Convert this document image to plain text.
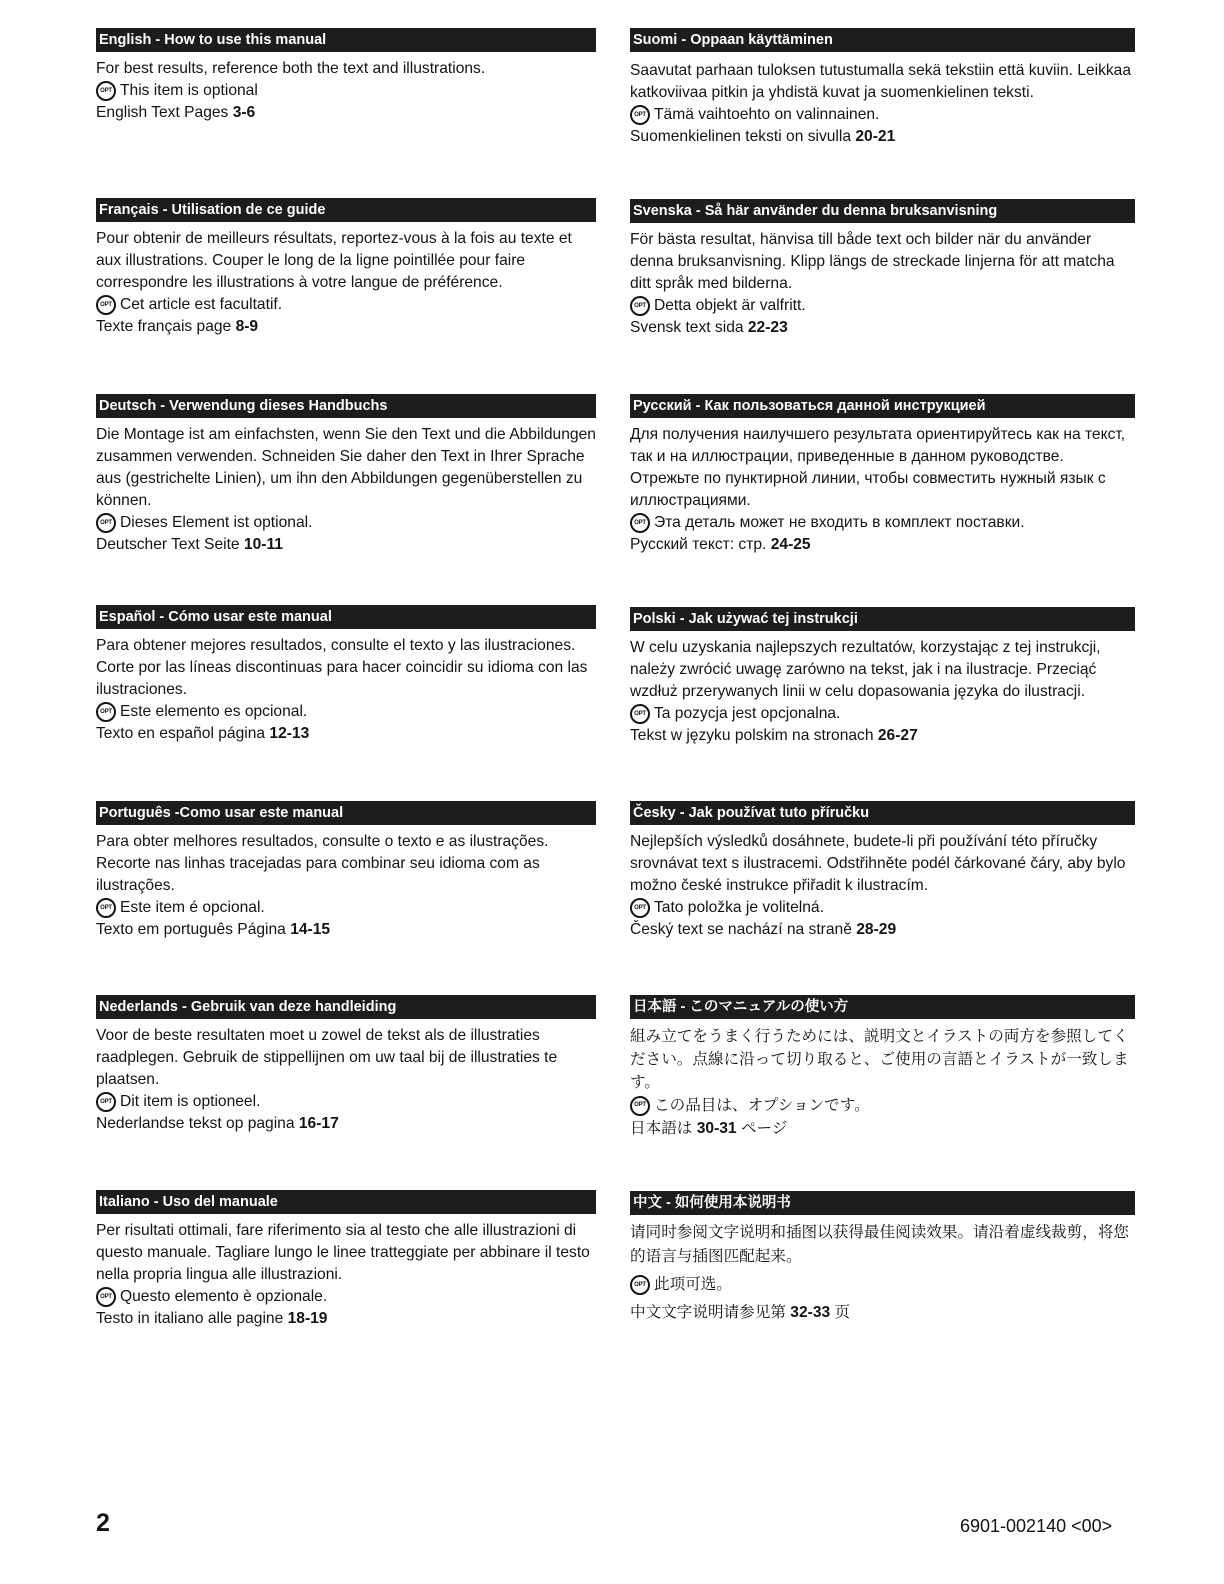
English - How to use this manual

For best results, reference both the text and illustrations.

OPT This item is optional
English Text Pages 3-6
Français - Utilisation de ce guide

Pour obtenir de meilleurs résultats, reportez-vous à la fois au texte et aux illustrations. Couper le long de la ligne pointillée pour faire correspondre les illustrations à votre langue de préférence.

OPT Cet article est facultatif.
Texte français page 8-9
Deutsch - Verwendung dieses Handbuchs

Die Montage ist am einfachsten, wenn Sie den Text und die Abbildungen zusammen verwenden. Schneiden Sie daher den Text in Ihrer Sprache aus (gestrichelte Linien), um ihn den Abbildungen gegenüberstellen zu können.

OPT Dieses Element ist optional.
Deutscher Text Seite 10-11
Español - Cómo usar este manual

Para obtener mejores resultados, consulte el texto y las ilustraciones. Corte por las líneas discontinuas para hacer coincidir su idioma con las ilustraciones.

OPT Este elemento es opcional.
Texto en español página 12-13
Português -Como usar este manual

Para obter melhores resultados, consulte o texto e as ilustrações. Recorte nas linhas tracejadas para combinar seu idioma com as ilustrações.

OPT Este item é opcional.
Texto em português Página 14-15
Nederlands - Gebruik van deze handleiding

Voor de beste resultaten moet u zowel de tekst als de illustraties raadplegen. Gebruik de stippellijnen om uw taal bij de illustraties te plaatsen.

OPT Dit item is optioneel.
Nederlandse tekst op pagina 16-17
Italiano - Uso del manuale

Per risultati ottimali, fare riferimento sia al testo che alle illustrazioni di questo manuale. Tagliare lungo le linee tratteggiate per abbinare il testo nella propria lingua alle illustrazioni.

OPT Questo elemento è opzionale.
Testo in italiano alle pagine 18-19
Suomi - Oppaan käyttäminen

Saavutat parhaan tuloksen tutustumalla sekä tekstiin että kuviin. Leikkaa katkoviivaa pitkin ja yhdistä kuvat ja suomenkielinen teksti.

OPT Tämä vaihtoehto on valinnainen.
Suomenkielinen teksti on sivulla 20-21
Svenska - Så här använder du denna bruksanvisning

För bästa resultat, hänvisa till både text och bilder när du använder denna bruksanvisning. Klipp längs de streckade linjerna för att matcha ditt språk med bilderna.

OPT Detta objekt är valfritt.
Svensk text sida 22-23
Русский - Как пользоваться данной инструкцией

Для получения наилучшего результата ориентируйтесь как на текст, так и на иллюстрации, приведенные в данном руководстве. Отрежьте по пунктирной линии, чтобы совместить нужный язык с иллюстрациями.

OPT Эта деталь может не входить в комплект поставки.
Русский текст: стр. 24-25
Polski - Jak używać tej instrukcji

W celu uzyskania najlepszych rezultatów, korzystając z tej instrukcji, należy zwrócić uwagę zarówno na tekst, jak i na ilustracje. Przeciąć wzdłuż przerywanych linii w celu dopasowania języka do ilustracji.

OPT Ta pozycja jest opcjonalna.
Tekst w języku polskim na stronach 26-27
Česky - Jak používat tuto příručku

Nejlepších výsledků dosáhnete, budete-li při používání této příručky srovnávat text s ilustracemi. Odstřihněte podél čárkované čáry, aby bylo možno české instrukce přiřadit k ilustracím.

OPT Tato položka je volitelná.
Český text se nachází na straně 28-29
日本語 - このマニュアルの使い方

組み立てをうまく行うためには、説明文とイラストの両方を参照してください。点線に沿って切り取ると、ご使用の言語とイラストが一致します。

OPT この品目は、オプションです。
日本語は 30-31 ページ
中文 - 如何使用本说明书

请同时参阅文字说明和插图以获得最佳阅读效果。请沿着虚线裁剪，将您的语言与插图匹配起来。

OPT 此项可选。
中文文字说明请参见第 32-33 页
2	6901-002140 <00>
